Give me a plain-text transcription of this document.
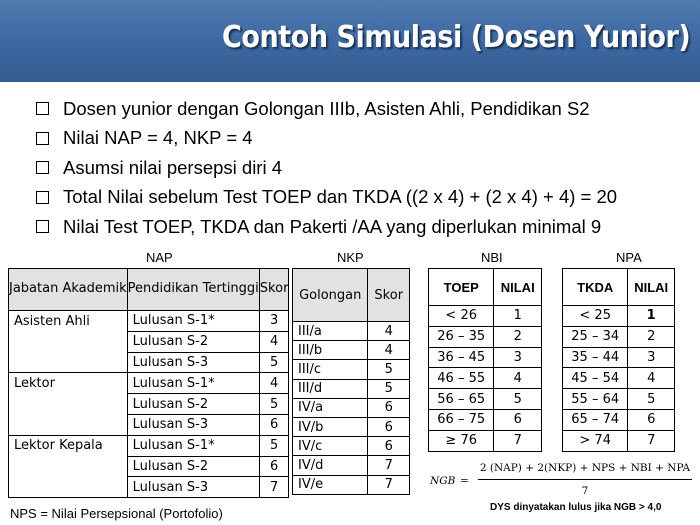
Contoh Simulasi (Dosen Yunior)
Dosen yunior dengan Golongan IIIb, Asisten Ahli, Pendidikan S2
Nilai NAP = 4, NKP = 4
Asumsi nilai persepsi diri 4
Total Nilai sebelum Test TOEP dan TKDA ((2 x 4) + (2 x 4) + 4) = 20
Nilai Test TOEP, TKDA dan Pakerti /AA yang diperlukan minimal 9
NAP	NKP	NBI	NPA
Jabatan Akademik	Pendidikan Tertinggi	Skor
Asisten Ahli	Lulusan S-1*	3
	Lulusan S-2	4
	Lulusan S-3	5
Lektor	Lulusan S-1*	4
	Lulusan S-2	5
	Lulusan S-3	6
Lektor Kepala	Lulusan S-1*	5
	Lulusan S-2	6
	Lulusan S-3	7
Golongan	Skor
III/a	4
III/b	4
III/c	5
III/d	5
IV/a	6
IV/b	6
IV/c	6
IV/d	7
IV/e	7
TOEP	NILAI
< 26	1
26 – 35	2
36 – 45	3
46 – 55	4
56 – 65	5
66 – 75	6
≥ 76	7
TKDA	NILAI
< 25	1
25 – 34	2
35 – 44	3
45 – 54	4
55 – 64	5
65 – 74	6
> 74	7
NGB =
2 (NAP) + 2(NKP) + NPS + NBI + NPA
7
DYS dinyatakan lulus jika NGB > 4,0
NPS = Nilai Persepsional (Portofolio)
